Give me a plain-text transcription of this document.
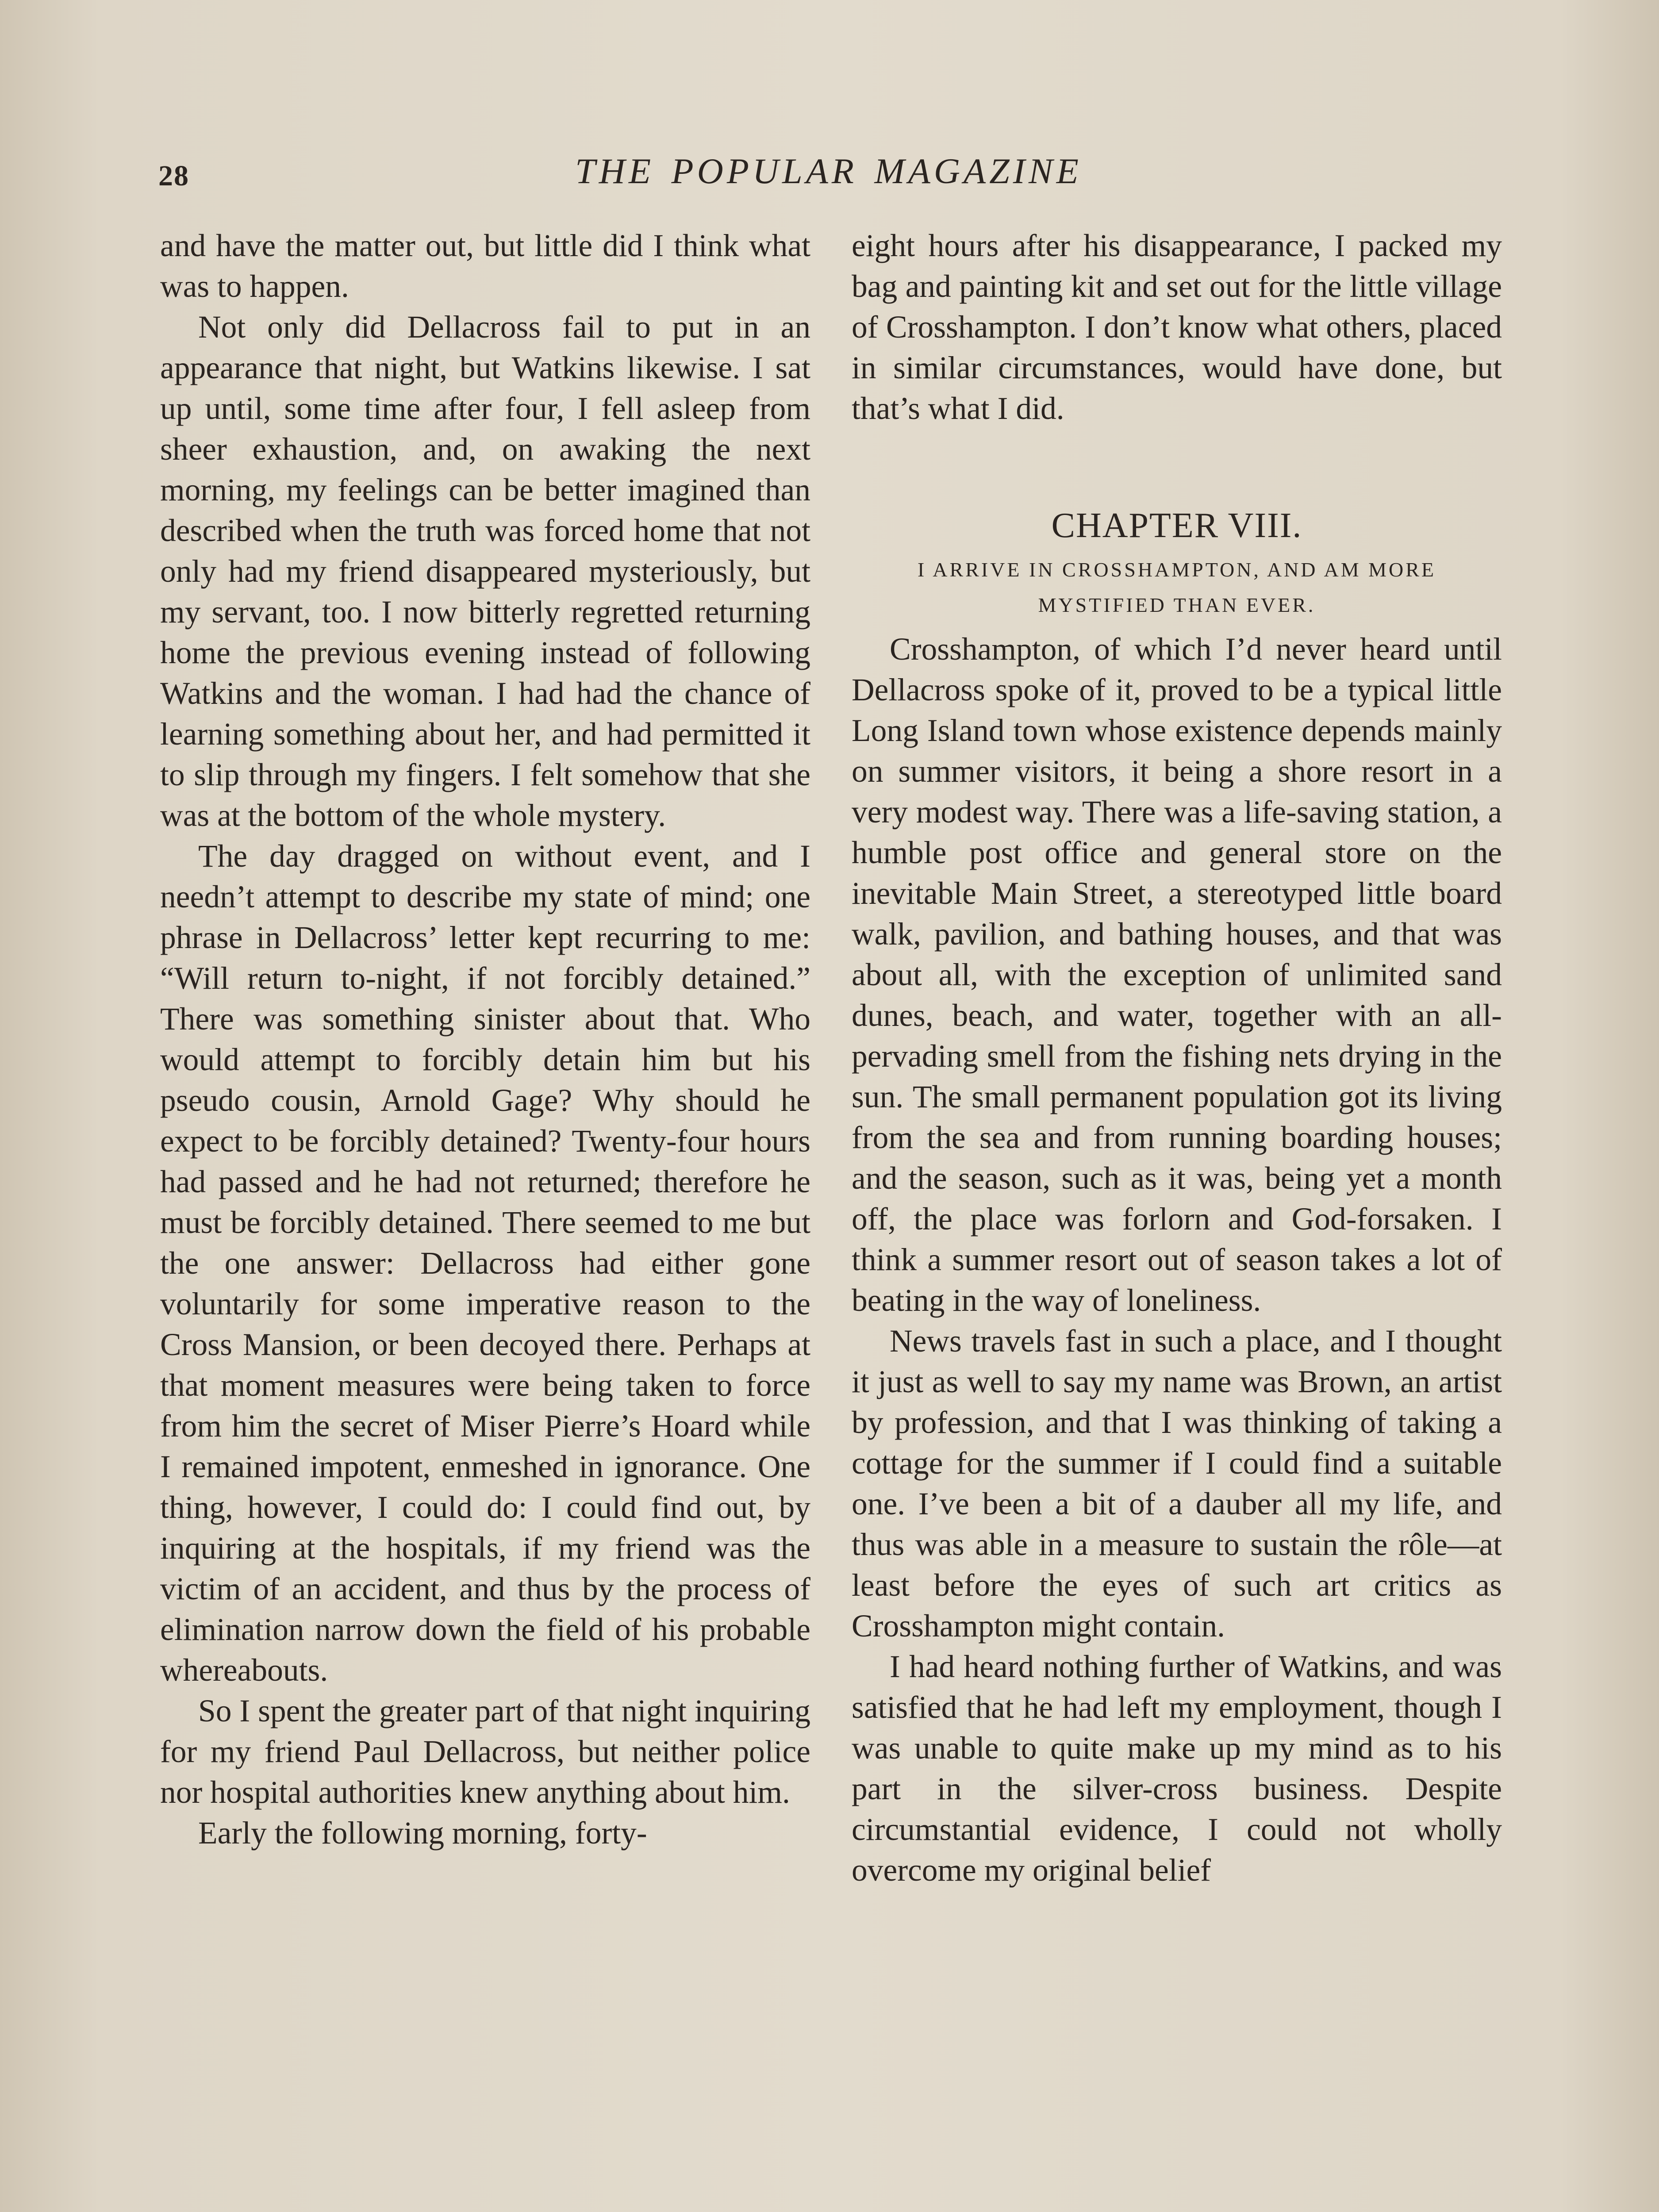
28	THE POPULAR MAGAZINE

and have the matter out, but little did I think what was to happen.

Not only did Dellacross fail to put in an appearance that night, but Watkins likewise. I sat up until, some time after four, I fell asleep from sheer exhaustion, and, on awaking the next morning, my feelings can be better imagined than described when the truth was forced home that not only had my friend disappeared mysteriously, but my servant, too. I now bitterly regretted returning home the previous evening instead of following Watkins and the woman. I had had the chance of learning something about her, and had permitted it to slip through my fingers. I felt somehow that she was at the bottom of the whole mystery.

The day dragged on without event, and I needn’t attempt to describe my state of mind; one phrase in Dellacross’ letter kept recurring to me: “Will return to-night, if not forcibly detained.” There was something sinister about that. Who would attempt to forcibly detain him but his pseudo cousin, Arnold Gage? Why should he expect to be forcibly detained? Twenty-four hours had passed and he had not returned; therefore he must be forcibly detained. There seemed to me but the one answer: Dellacross had either gone voluntarily for some imperative reason to the Cross Mansion, or been decoyed there. Perhaps at that moment measures were being taken to force from him the secret of Miser Pierre’s Hoard while I remained impotent, enmeshed in ignorance. One thing, however, I could do: I could find out, by inquiring at the hospitals, if my friend was the victim of an accident, and thus by the process of elimination narrow down the field of his probable whereabouts.

So I spent the greater part of that night inquiring for my friend Paul Dellacross, but neither police nor hospital authorities knew anything about him.

Early the following morning, forty-

eight hours after his disappearance, I packed my bag and painting kit and set out for the little village of Crosshampton. I don’t know what others, placed in similar circumstances, would have done, but that’s what I did.

CHAPTER VIII.
I ARRIVE IN CROSSHAMPTON, AND AM MORE MYSTIFIED THAN EVER.

Crosshampton, of which I’d never heard until Dellacross spoke of it, proved to be a typical little Long Island town whose existence depends mainly on summer visitors, it being a shore resort in a very modest way. There was a life-saving station, a humble post office and general store on the inevitable Main Street, a stereotyped little board walk, pavilion, and bathing houses, and that was about all, with the exception of unlimited sand dunes, beach, and water, together with an all-pervading smell from the fishing nets drying in the sun. The small permanent population got its living from the sea and from running boarding houses; and the season, such as it was, being yet a month off, the place was forlorn and God-forsaken. I think a summer resort out of season takes a lot of beating in the way of loneliness.

News travels fast in such a place, and I thought it just as well to say my name was Brown, an artist by profession, and that I was thinking of taking a cottage for the summer if I could find a suitable one. I’ve been a bit of a dauber all my life, and thus was able in a measure to sustain the rôle—at least before the eyes of such art critics as Crosshampton might contain.

I had heard nothing further of Watkins, and was satisfied that he had left my employment, though I was unable to quite make up my mind as to his part in the silver-cross business. Despite circumstantial evidence, I could not wholly overcome my original belief
